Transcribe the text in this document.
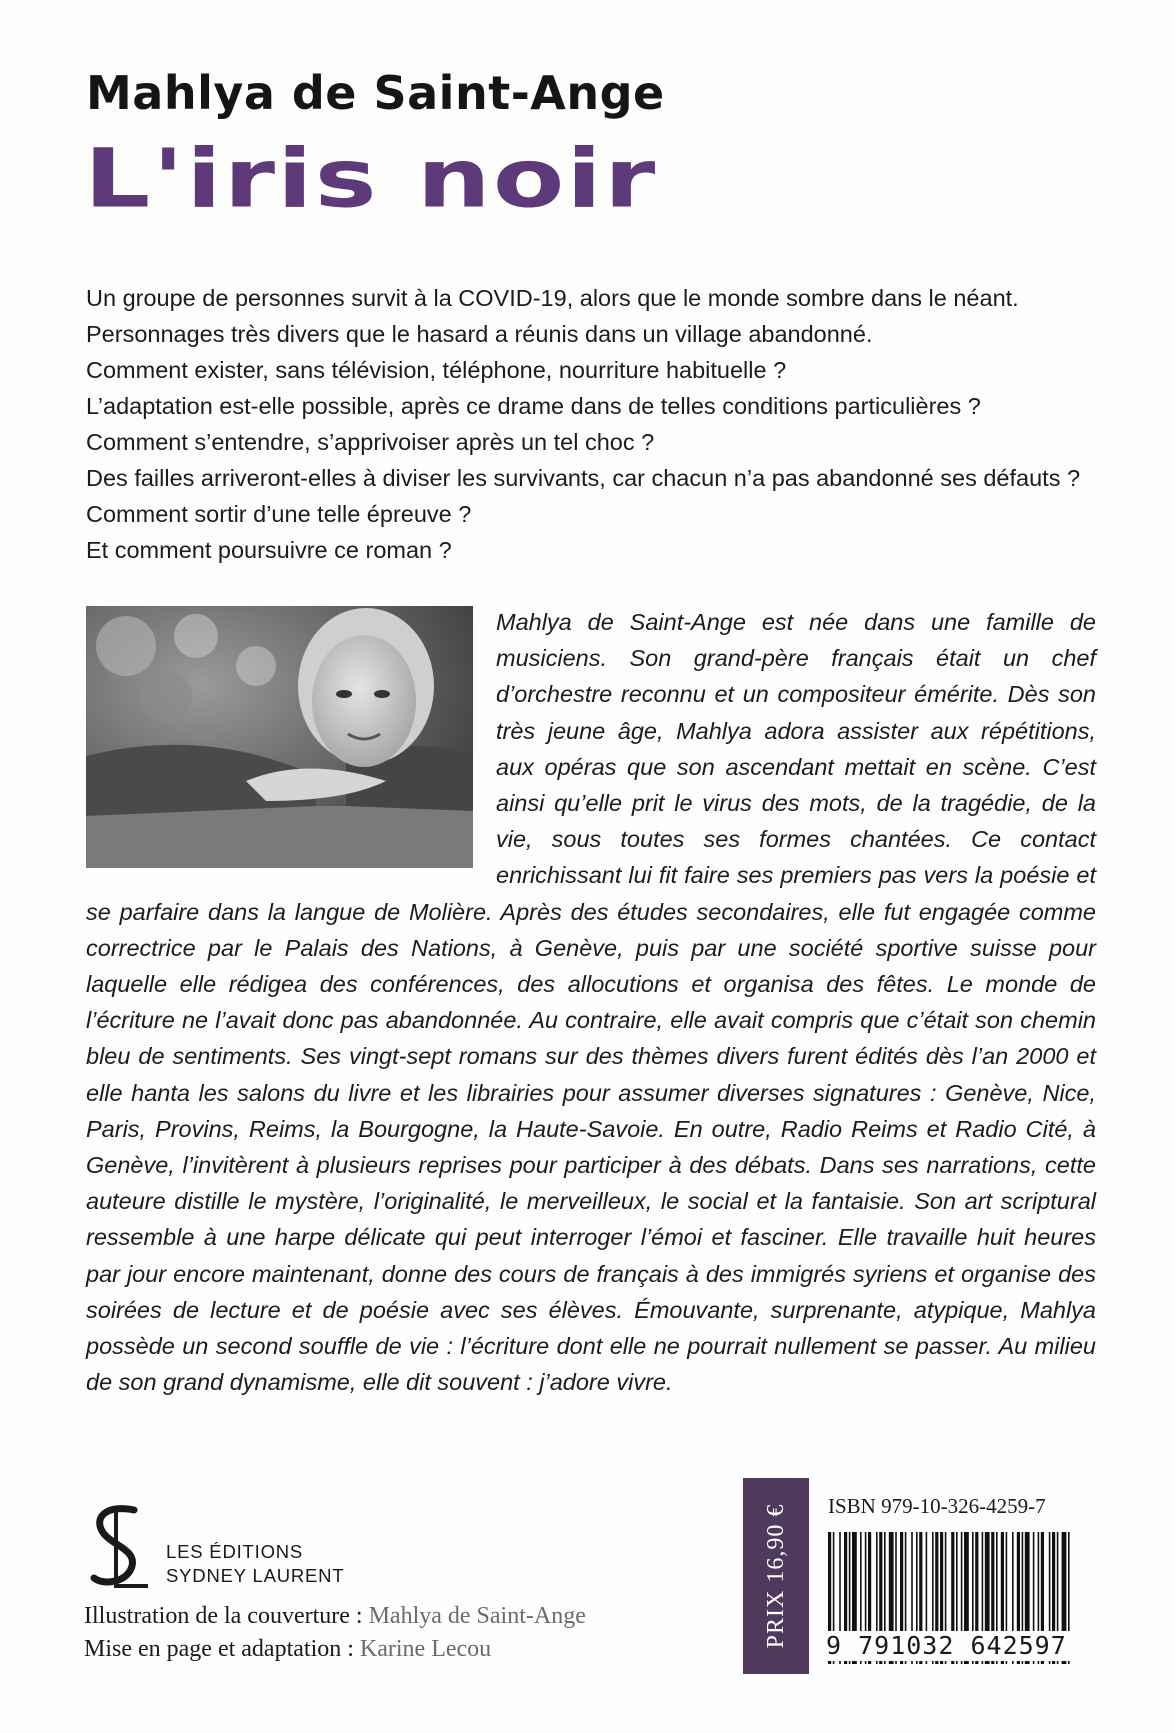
Mahlya de Saint-Ange
L'iris noir
Un groupe de personnes survit à la COVID-19, alors que le monde sombre dans le néant.
Personnages très divers que le hasard a réunis dans un village abandonné.
Comment exister, sans télévision, téléphone, nourriture habituelle ?
L’adaptation est-elle possible, après ce drame dans de telles conditions particulières ?
Comment s’entendre, s’apprivoiser après un tel choc ?
Des failles arriveront-elles à diviser les survivants, car chacun n’a pas abandonné ses défauts ?
Comment sortir d’une telle épreuve ?
Et comment poursuivre ce roman ?
Mahlya de Saint-Ange est née dans une famille de musiciens. Son grand-père français était un chef d’orchestre reconnu et un compositeur émérite. Dès son très jeune âge, Mahlya adora assister aux répétitions, aux opéras que son ascendant mettait en scène. C’est ainsi qu’elle prit le virus des mots, de la tragédie, de la vie, sous toutes ses formes chantées. Ce contact enrichissant lui fit faire ses premiers pas vers la poésie et se parfaire dans la langue de Molière. Après des études secondaires, elle fut engagée comme correctrice par le Palais des Nations, à Genève, puis par une société sportive suisse pour laquelle elle rédigea des conférences, des allocutions et organisa des fêtes. Le monde de l’écriture ne l’avait donc pas abandonnée. Au contraire, elle avait compris que c’était son chemin bleu de sentiments. Ses vingt-sept romans sur des thèmes divers furent édités dès l’an 2000 et elle hanta les salons du livre et les librairies pour assumer diverses signatures : Genève, Nice, Paris, Provins, Reims, la Bourgogne, la Haute-Savoie. En outre, Radio Reims et Radio Cité, à Genève, l’invitèrent à plusieurs reprises pour participer à des débats. Dans ses narrations, cette auteure distille le mystère, l’originalité, le merveilleux, le social et la fantaisie. Son art scriptural ressemble à une harpe délicate qui peut interroger l’émoi et fasciner. Elle travaille huit heures par jour encore maintenant, donne des cours de français à des immigrés syriens et organise des soirées de lecture et de poésie avec ses élèves. Émouvante, surprenante, atypique, Mahlya possède un second souffle de vie : l’écriture dont elle ne pourrait nullement se passer. Au milieu de son grand dynamisme, elle dit souvent : j’adore vivre.
LES ÉDITIONS
SYDNEY LAURENT
Illustration de la couverture : Mahlya de Saint-Ange
Mise en page et adaptation : Karine Lecou
PRIX 16,90 €	ISBN 979-10-326-4259-7
9 791032 642597
